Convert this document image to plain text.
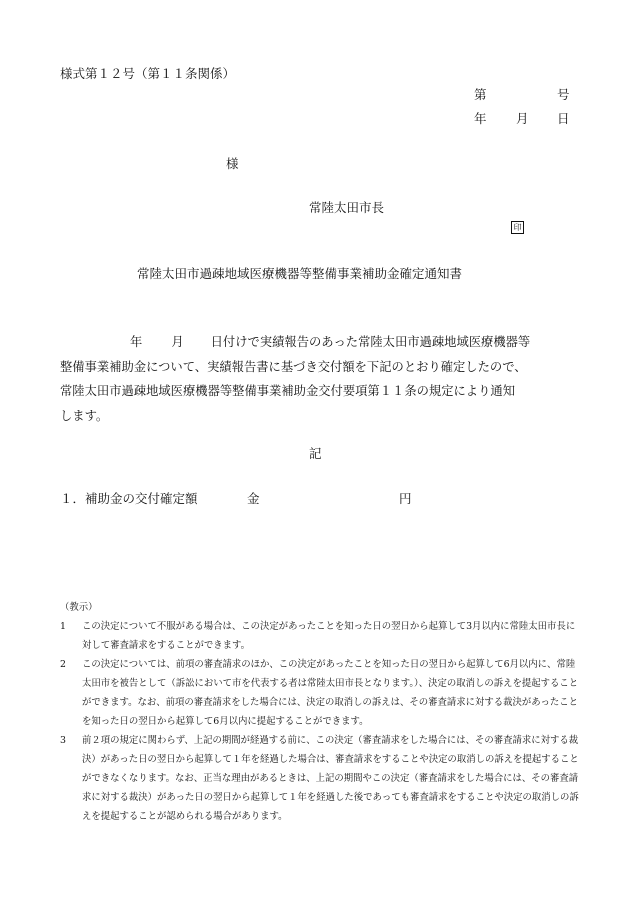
様式第１２号（第１１条関係）
第	号
年 月 日
様
常陸太田市長

印

常陸太田市過疎地域医療機器等整備事業補助金確定通知書
年 月 日付けで実績報告のあった常陸太田市過疎地域医療機器等
整備事業補助金について、実績報告書に基づき交付額を下記のとおり確定したので、
常陸太田市過疎地域医療機器等整備事業補助金交付要項第１１条の規定により通知
します。
記
１．補助金の交付確定額	金	円
（教示）
1	この決定について不服がある場合は、この決定があったことを知った日の翌日から起算して3月以内に常陸太田市長に対して審査請求をすることができます。
2	この決定については、前項の審査請求のほか、この決定があったことを知った日の翌日から起算して6月以内に、常陸太田市を被告として（訴訟において市を代表する者は常陸太田市長となります。）、決定の取消しの訴えを提起することができます。なお、前項の審査請求をした場合には、決定の取消しの訴えは、その審査請求に対する裁決があったことを知った日の翌日から起算して6月以内に提起することができます。
3	前２項の規定に関わらず、上記の期間が経過する前に、この決定（審査請求をした場合には、その審査請求に対する裁決）があった日の翌日から起算して１年を経過した場合は、審査請求をすることや決定の取消しの訴えを提起することができなくなります。なお、正当な理由があるときは、上記の期間やこの決定（審査請求をした場合には、その審査請求に対する裁決）があった日の翌日から起算して１年を経過した後であっても審査請求をすることや決定の取消しの訴えを提起することが認められる場合があります。
